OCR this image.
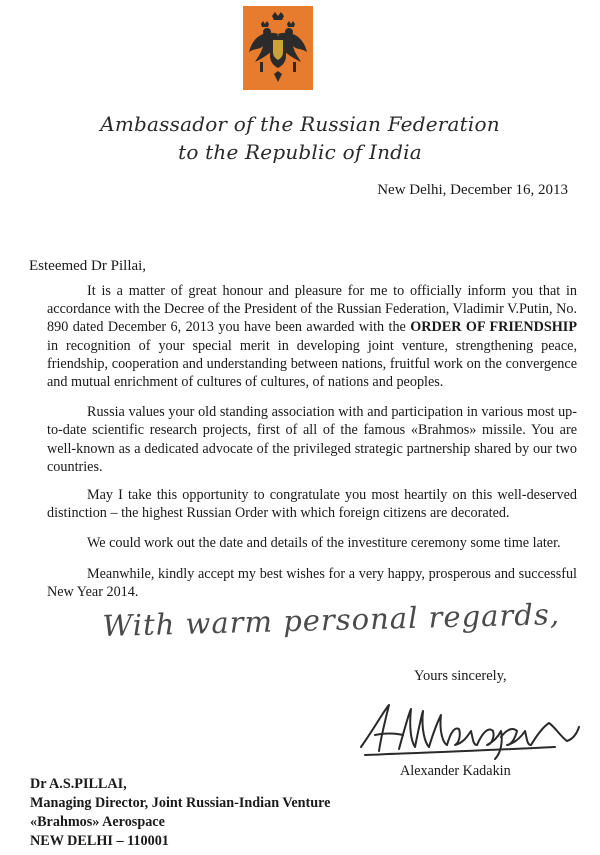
Ambassador of the Russian Federation
to the Republic of India
New Delhi, December 16, 2013
Esteemed Dr Pillai,

It is a matter of great honour and pleasure for me to officially inform you that in accordance with the Decree of the President of the Russian Federation, Vladimir V.Putin, No. 890 dated December 6, 2013 you have been awarded with the ORDER OF FRIENDSHIP in recognition of your special merit in developing joint venture, strengthening peace, friendship, cooperation and understanding between nations, fruitful work on the convergence and mutual enrichment of cultures of cultures, of nations and peoples.

Russia values your old standing association with and participation in various most up-to-date scientific research projects, first of all of the famous «Brahmos» missile. You are well-known as a dedicated advocate of the privileged strategic partnership shared by our two countries.

May I take this opportunity to congratulate you most heartily on this well-deserved distinction – the highest Russian Order with which foreign citizens are decorated.

We could work out the date and details of the investiture ceremony some time later.

Meanwhile, kindly accept my best wishes for a very happy, prosperous and successful New Year 2014.

With warm personal regards,
Yours sincerely,
Alexander Kadakin
Dr A.S.PILLAI,
Managing Director, Joint Russian-Indian Venture
«Brahmos» Aerospace
NEW DELHI – 110001
